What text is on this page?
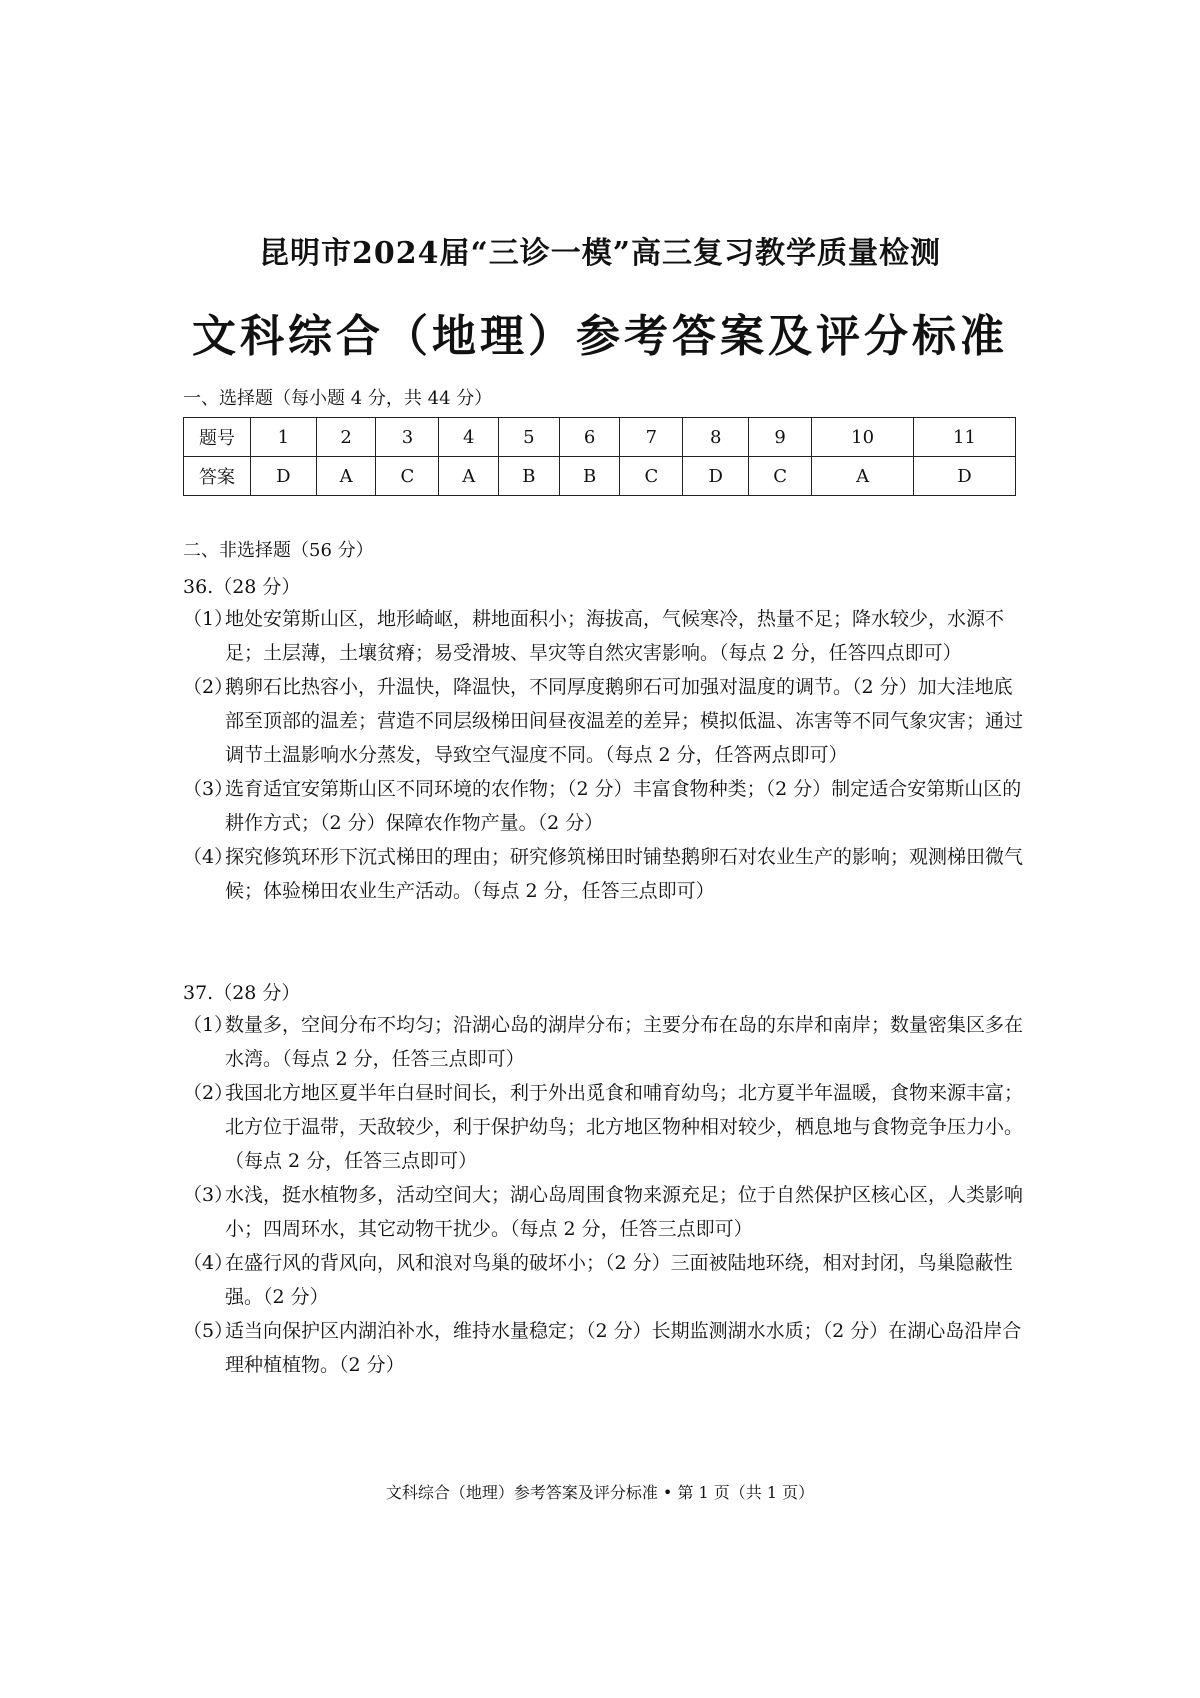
昆明市2024届“三诊一模”高三复习教学质量检测
文科综合（地理）参考答案及评分标准
一、选择题（每小题 4 分，共 44 分）
题号	1	2	3	4	5	6	7	8	9	10	11
答案	D	A	C	A	B	B	C	D	C	A	D
二、非选择题（56 分）
36.（28 分）
（1）
地处安第斯山区，地形崎岖，耕地面积小；海拔高，气候寒冷，热量不足；降水较少，水源不足；土层薄，土壤贫瘠；易受滑坡、旱灾等自然灾害影响。（每点 2 分，任答四点即可）
（2）
鹅卵石比热容小，升温快，降温快，不同厚度鹅卵石可加强对温度的调节。（2 分）加大洼地底部至顶部的温差；营造不同层级梯田间昼夜温差的差异；模拟低温、冻害等不同气象灾害；通过调节土温影响水分蒸发，导致空气湿度不同。（每点 2 分，任答两点即可）
（3）
选育适宜安第斯山区不同环境的农作物；（2 分）丰富食物种类；（2 分）制定适合安第斯山区的耕作方式；（2 分）保障农作物产量。（2 分）
（4）
探究修筑环形下沉式梯田的理由；研究修筑梯田时铺垫鹅卵石对农业生产的影响；观测梯田微气候；体验梯田农业生产活动。（每点 2 分，任答三点即可）
37.（28 分）
（1）
数量多，空间分布不均匀；沿湖心岛的湖岸分布；主要分布在岛的东岸和南岸；数量密集区多在水湾。（每点 2 分，任答三点即可）
（2）
我国北方地区夏半年白昼时间长，利于外出觅食和哺育幼鸟；北方夏半年温暖，食物来源丰富；北方位于温带，天敌较少，利于保护幼鸟；北方地区物种相对较少，栖息地与食物竞争压力小。（每点 2 分，任答三点即可）
（3）
水浅，挺水植物多，活动空间大；湖心岛周围食物来源充足；位于自然保护区核心区，人类影响小；四周环水，其它动物干扰少。（每点 2 分，任答三点即可）
（4）
在盛行风的背风向，风和浪对鸟巢的破坏小；（2 分）三面被陆地环绕，相对封闭，鸟巢隐蔽性强。（2 分）
（5）
适当向保护区内湖泊补水，维持水量稳定；（2 分）长期监测湖水水质；（2 分）在湖心岛沿岸合理种植植物。（2 分）
文科综合（地理）参考答案及评分标准 • 第 1 页（共 1 页）
